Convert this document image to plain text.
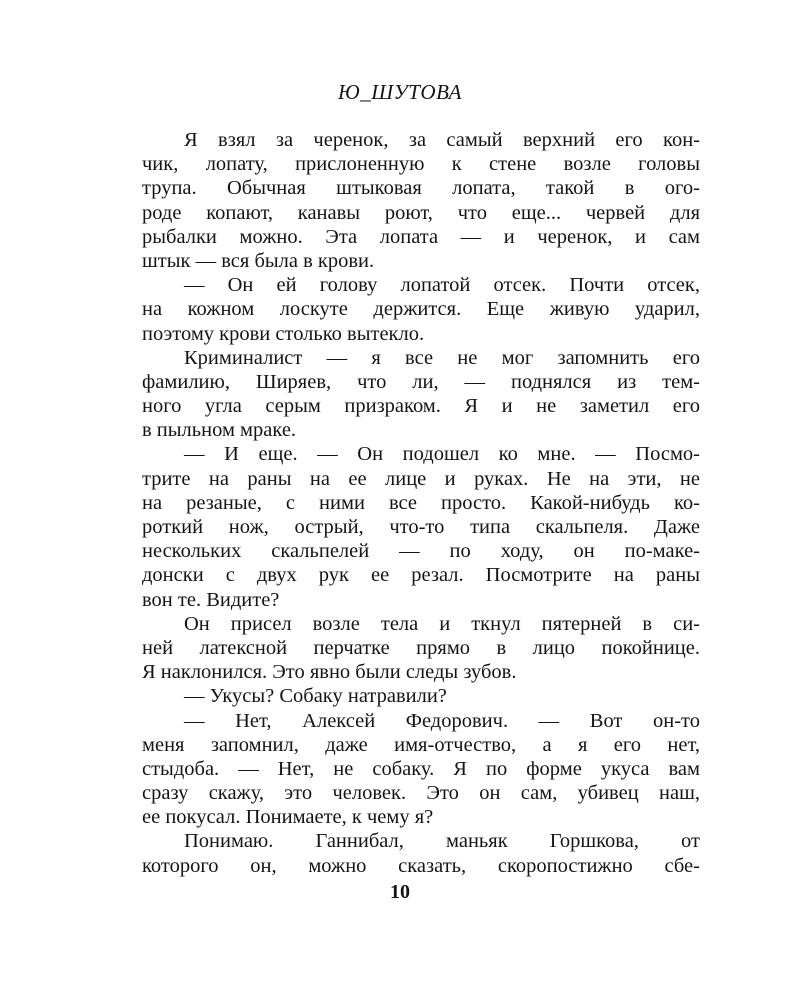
Ю_ШУТОВА
Я взял за черенок, за самый верхний его кон-
чик, лопату, прислоненную к стене возле головы
трупа. Обычная штыковая лопата, такой в ого-
роде копают, канавы роют, что еще... червей для
рыбалки можно. Эта лопата — и черенок, и сам
штык — вся была в крови.
— Он ей голову лопатой отсек. Почти отсек,
на кожном лоскуте держится. Еще живую ударил,
поэтому крови столько вытекло.
Криминалист — я все не мог запомнить его
фамилию, Ширяев, что ли, — поднялся из тем-
ного угла серым призраком. Я и не заметил его
в пыльном мраке.
— И еще. — Он подошел ко мне. — Посмо-
трите на раны на ее лице и руках. Не на эти, не
на резаные, с ними все просто. Какой-нибудь ко-
роткий нож, острый, что-то типа скальпеля. Даже
нескольких скальпелей — по ходу, он по-маке-
донски с двух рук ее резал. Посмотрите на раны
вон те. Видите?
Он присел возле тела и ткнул пятерней в си-
ней латексной перчатке прямо в лицо покойнице.
Я наклонился. Это явно были следы зубов.
— Укусы? Собаку натравили?
— Нет, Алексей Федорович. — Вот он-то
меня запомнил, даже имя-отчество, а я его нет,
стыдоба. — Нет, не собаку. Я по форме укуса вам
сразу скажу, это человек. Это он сам, убивец наш,
ее покусал. Понимаете, к чему я?
Понимаю. Ганнибал, маньяк Горшкова, от
которого он, можно сказать, скоропостижно сбе-
10
